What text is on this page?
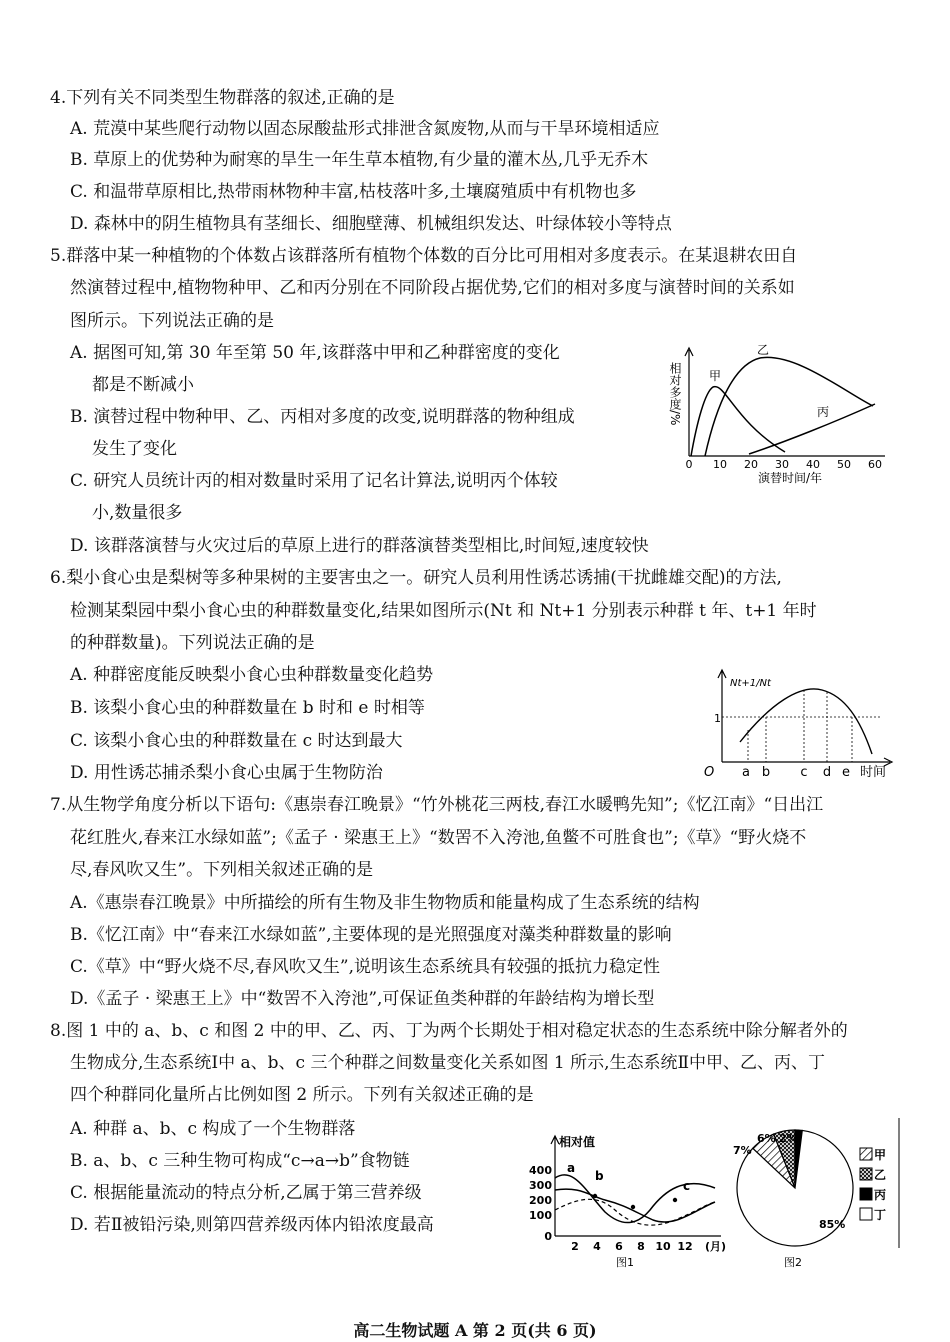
4.下列有关不同类型生物群落的叙述,正确的是
A. 荒漠中某些爬行动物以固态尿酸盐形式排泄含氮废物,从而与干旱环境相适应
B. 草原上的优势种为耐寒的旱生一年生草本植物,有少量的灌木丛,几乎无乔木
C. 和温带草原相比,热带雨林物种丰富,枯枝落叶多,土壤腐殖质中有机物也多
D. 森林中的阴生植物具有茎细长、细胞壁薄、机械组织发达、叶绿体较小等特点
5.群落中某一种植物的个体数占该群落所有植物个体数的百分比可用相对多度表示。在某退耕农田自
然演替过程中,植物物种甲、乙和丙分别在不同阶段占据优势,它们的相对多度与演替时间的关系如
图所示。下列说法正确的是
A. 据图可知,第 30 年至第 50 年,该群落中甲和乙种群密度的变化
都是不断减小
B. 演替过程中物种甲、乙、丙相对多度的改变,说明群落的物种组成
发生了变化
C. 研究人员统计丙的相对数量时采用了记名计算法,说明丙个体较
小,数量很多
D. 该群落演替与火灾过后的草原上进行的群落演替类型相比,时间短,速度较快
相对多度/% 甲
乙
丙
0 10 20 30 40 50 60
演替时间/年
6.梨小食心虫是梨树等多种果树的主要害虫之一。研究人员利用性诱芯诱捕(干扰雌雄交配)的方法,
检测某梨园中梨小食心虫的种群数量变化,结果如图所示(Nt 和 Nt+1 分别表示种群 t 年、t+1 年时
的种群数量)。下列说法正确的是
A. 种群密度能反映梨小食心虫种群数量变化趋势
B. 该梨小食心虫的种群数量在 b 时和 e 时相等
C. 该梨小食心虫的种群数量在 c 时达到最大
D. 用性诱芯捕杀梨小食心虫属于生物防治
Nt+1/Nt
1
O a b c d e 时间
7.从生物学角度分析以下语句:《惠崇春江晚景》“竹外桃花三两枝,春江水暖鸭先知”;《忆江南》“日出江
花红胜火,春来江水绿如蓝”;《孟子 · 梁惠王上》“数罟不入洿池,鱼鳖不可胜食也”;《草》“野火烧不
尽,春风吹又生”。下列相关叙述正确的是
A.《惠崇春江晚景》中所描绘的所有生物及非生物物质和能量构成了生态系统的结构
B.《忆江南》中“春来江水绿如蓝”,主要体现的是光照强度对藻类种群数量的影响
C.《草》中“野火烧不尽,春风吹又生”,说明该生态系统具有较强的抵抗力稳定性
D.《孟子 · 梁惠王上》中“数罟不入洿池”,可保证鱼类种群的年龄结构为增长型
8.图 1 中的 a、b、c 和图 2 中的甲、乙、丙、丁为两个长期处于相对稳定状态的生态系统中除分解者外的
生物成分,生态系统Ⅰ中 a、b、c 三个种群之间数量变化关系如图 1 所示,生态系统Ⅱ中甲、乙、丙、丁
四个种群同化量所占比例如图 2 所示。下列有关叙述正确的是
A. 种群 a、b、c 构成了一个生物群落
B. a、b、c 三种生物可构成“c→a→b”食物链
C. 根据能量流动的特点分析,乙属于第三营养级
D. 若Ⅱ被铅污染,则第四营养级丙体内铅浓度最高
相对值
400
300
200
100
0
a
b
c
2 4 6 8 10 12 (月)
图1
7%
6% 2%
85%
甲
乙
丙
丁
图2
高二生物试题 A 第 2 页(共 6 页)
